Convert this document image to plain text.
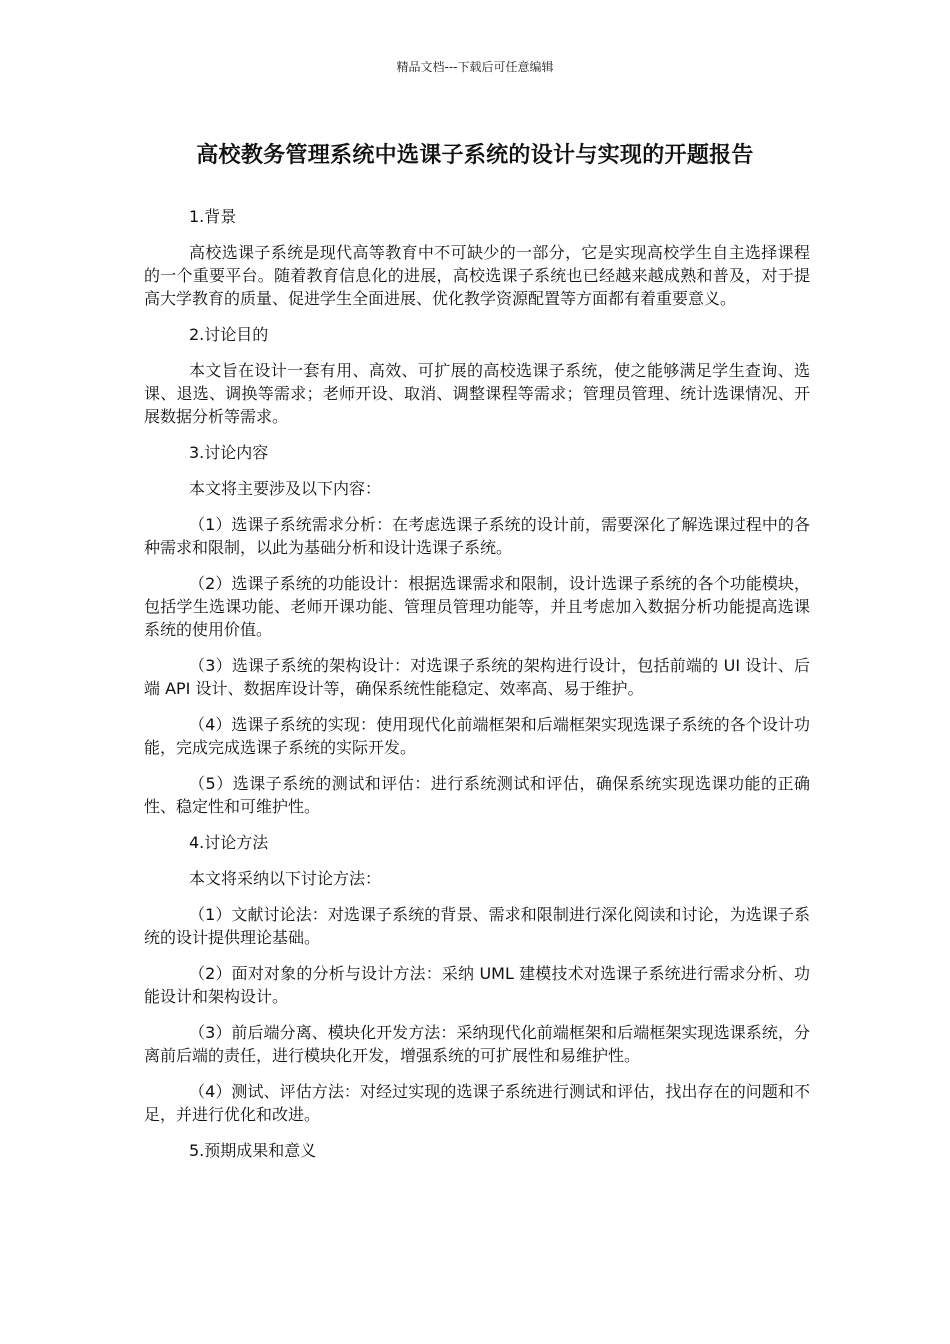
精品文档---下载后可任意编辑
高校教务管理系统中选课子系统的设计与实现的开题报告

1.背景

高校选课子系统是现代高等教育中不可缺少的一部分，它是实现高校学生自主选择课程的一个重要平台。随着教育信息化的进展，高校选课子系统也已经越来越成熟和普及，对于提高大学教育的质量、促进学生全面进展、优化教学资源配置等方面都有着重要意义。

2.讨论目的

本文旨在设计一套有用、高效、可扩展的高校选课子系统，使之能够满足学生查询、选课、退选、调换等需求；老师开设、取消、调整课程等需求；管理员管理、统计选课情况、开展数据分析等需求。

3.讨论内容

本文将主要涉及以下内容：

（1）选课子系统需求分析：在考虑选课子系统的设计前，需要深化了解选课过程中的各种需求和限制，以此为基础分析和设计选课子系统。

（2）选课子系统的功能设计：根据选课需求和限制，设计选课子系统的各个功能模块，包括学生选课功能、老师开课功能、管理员管理功能等，并且考虑加入数据分析功能提高选课系统的使用价值。

（3）选课子系统的架构设计：对选课子系统的架构进行设计，包括前端的 UI 设计、后端 API 设计、数据库设计等，确保系统性能稳定、效率高、易于维护。

（4）选课子系统的实现：使用现代化前端框架和后端框架实现选课子系统的各个设计功能，完成完成选课子系统的实际开发。

（5）选课子系统的测试和评估：进行系统测试和评估，确保系统实现选课功能的正确性、稳定性和可维护性。

4.讨论方法

本文将采纳以下讨论方法：

（1）文献讨论法：对选课子系统的背景、需求和限制进行深化阅读和讨论，为选课子系统的设计提供理论基础。

（2）面对对象的分析与设计方法：采纳 UML 建模技术对选课子系统进行需求分析、功能设计和架构设计。

（3）前后端分离、模块化开发方法：采纳现代化前端框架和后端框架实现选课系统，分离前后端的责任，进行模块化开发，增强系统的可扩展性和易维护性。

（4）测试、评估方法：对经过实现的选课子系统进行测试和评估，找出存在的问题和不足，并进行优化和改进。

5.预期成果和意义
